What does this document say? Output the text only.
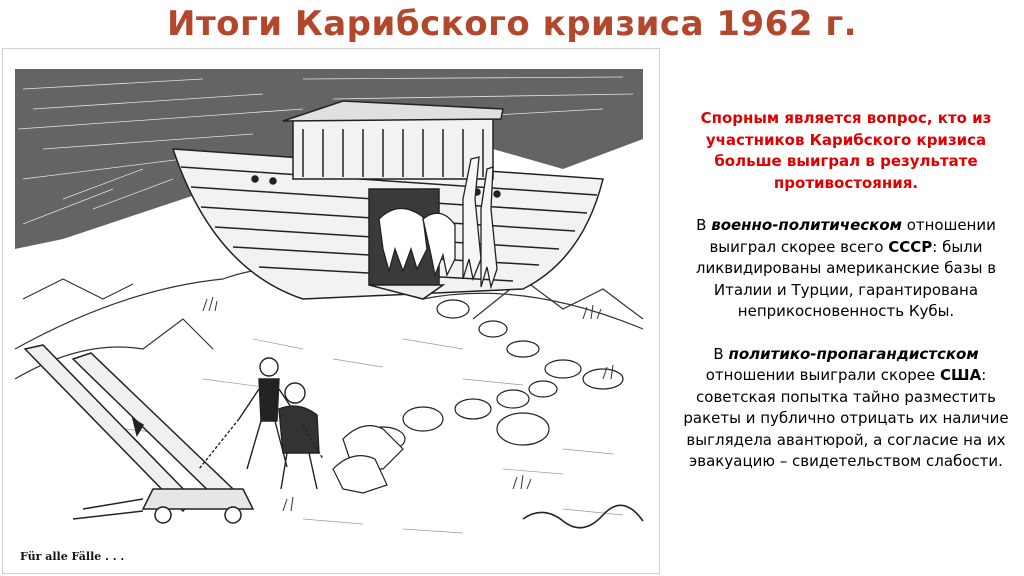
Итоги Карибского кризиса 1962 г.
Für alle Fälle . . .

Спорным является вопрос, кто из участников Карибского кризиса больше выиграл в результате противостояния.

В военно-политическом отношении выиграл скорее всего СССР: были ликвидированы американские базы в Италии и Турции, гарантирована неприкосновенность Кубы.

В политико-пропагандистском отношении выиграли скорее США: советская попытка тайно разместить ракеты и публично отрицать их наличие выглядела авантюрой, а согласие на их эвакуацию – свидетельством слабости.
